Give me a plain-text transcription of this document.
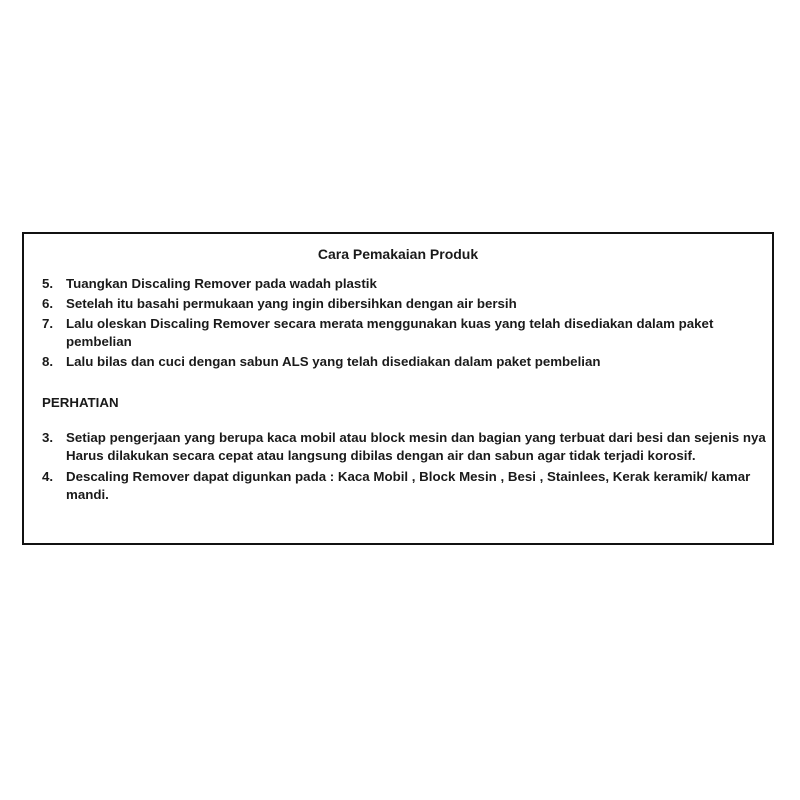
Cara Pemakaian Produk
5. Tuangkan Discaling Remover pada wadah plastik
6. Setelah itu basahi permukaan yang ingin dibersihkan dengan air bersih
7. Lalu oleskan Discaling Remover secara merata menggunakan kuas yang telah disediakan dalam paket pembelian
8. Lalu bilas dan cuci dengan sabun ALS yang telah disediakan dalam paket pembelian
PERHATIAN
3. Setiap pengerjaan yang berupa kaca mobil atau block mesin dan bagian yang terbuat dari besi dan sejenis nya Harus dilakukan secara cepat atau langsung dibilas dengan air dan sabun agar tidak terjadi korosif.
4. Descaling Remover dapat digunkan pada : Kaca Mobil , Block Mesin , Besi , Stainlees, Kerak keramik/ kamar mandi.
